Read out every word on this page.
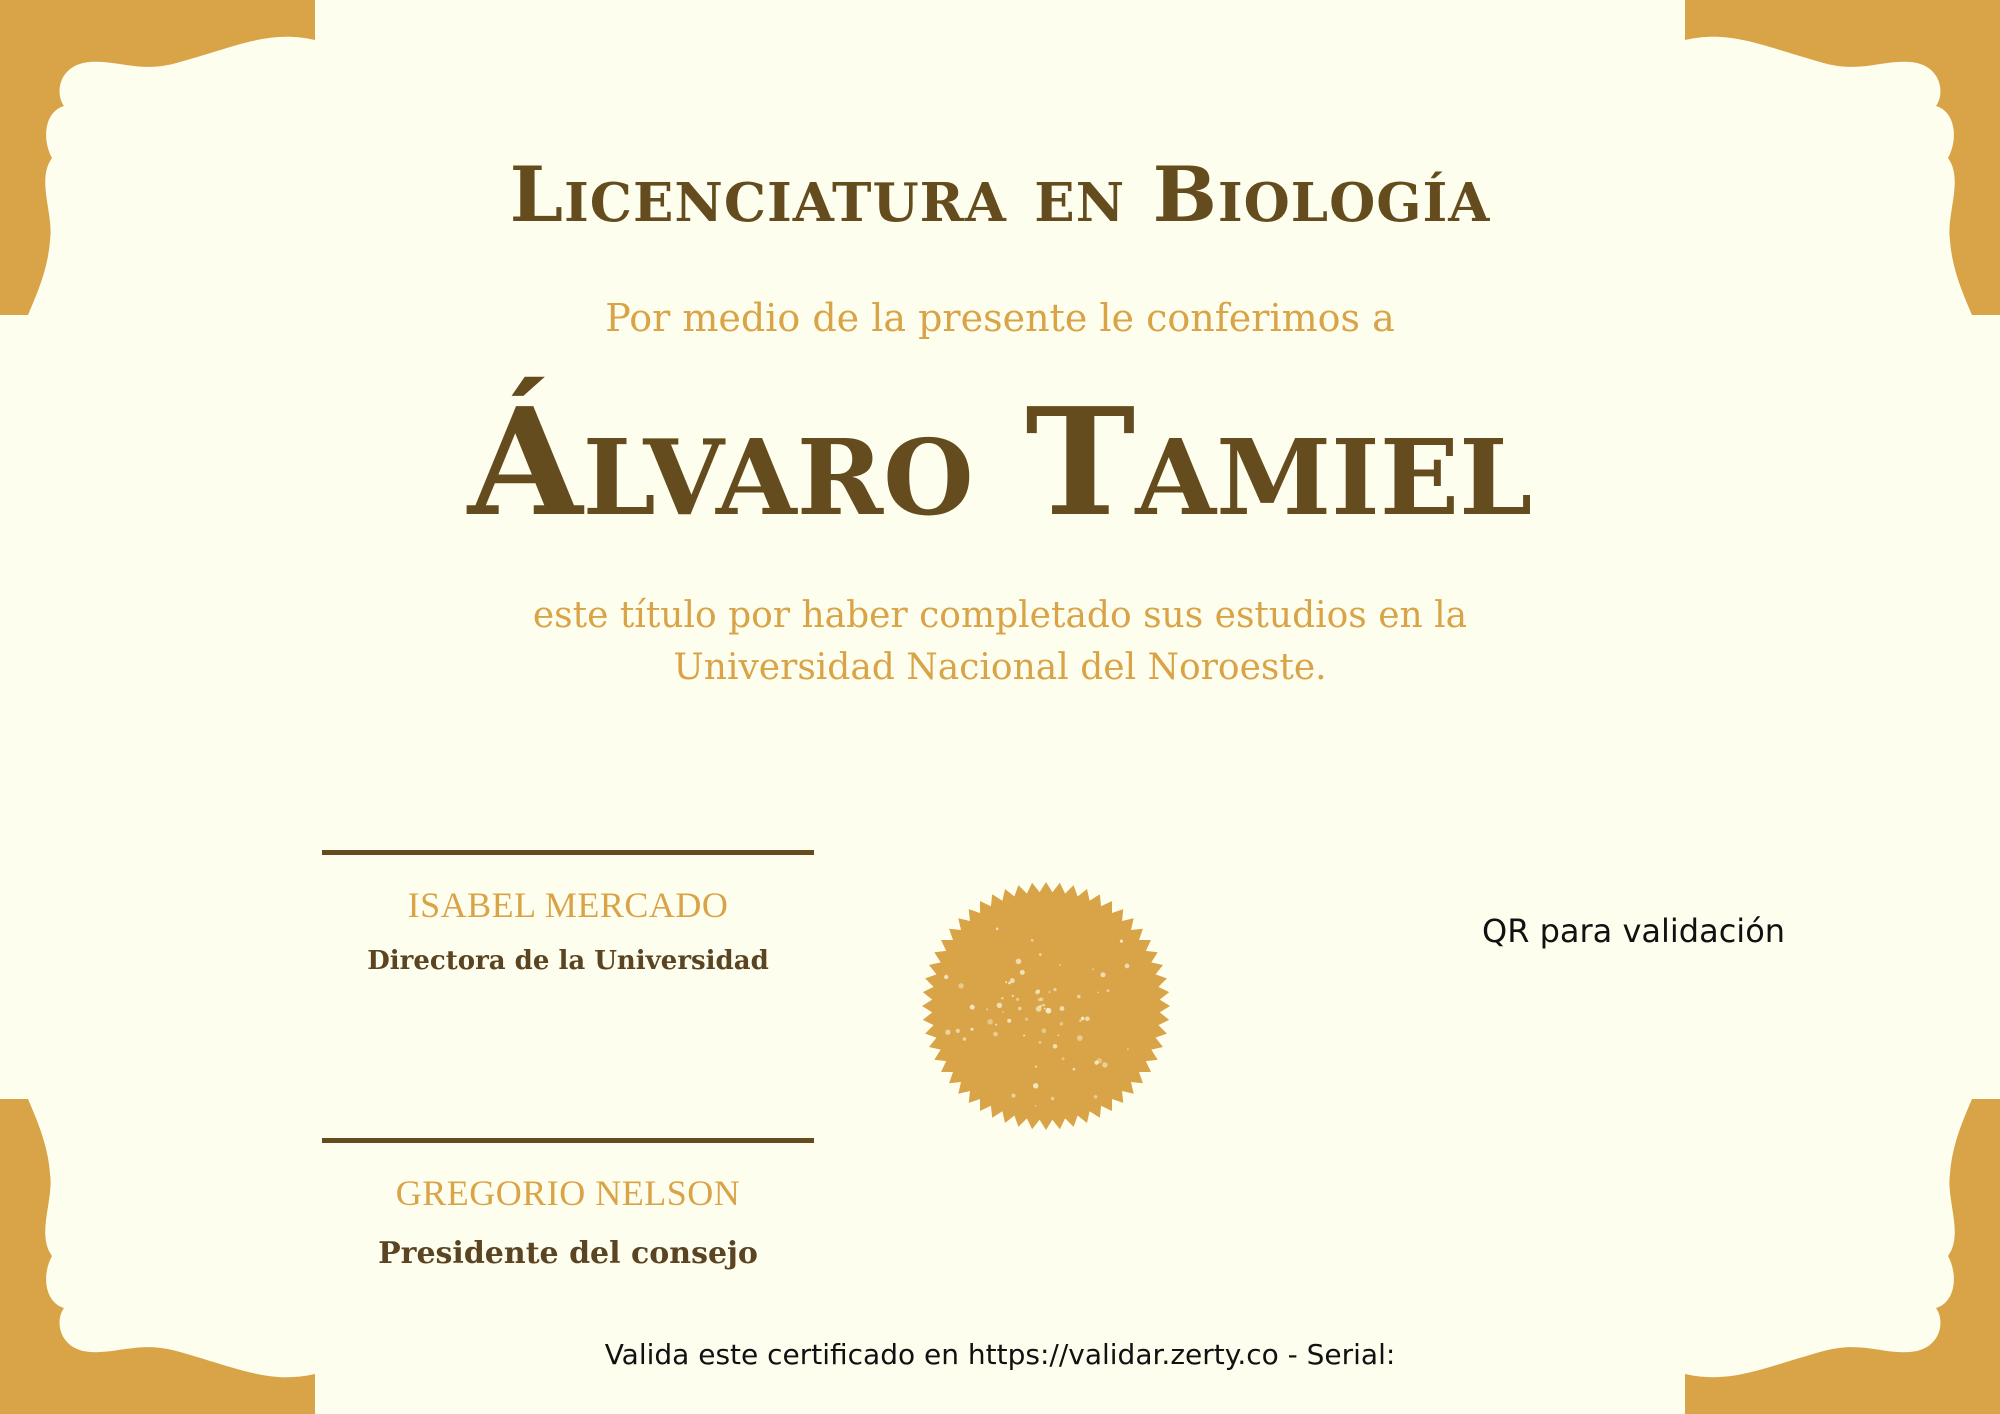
Licenciatura en Biología
Por medio de la presente le conferimos a
Álvaro Tamiel
este título por haber completado sus estudios en la
Universidad Nacional del Noroeste.
ISABEL MERCADO
Directora de la Universidad
GREGORIO NELSON
Presidente del consejo
QR para validación
Valida este certificado en https://validar.zerty.co - Serial:
